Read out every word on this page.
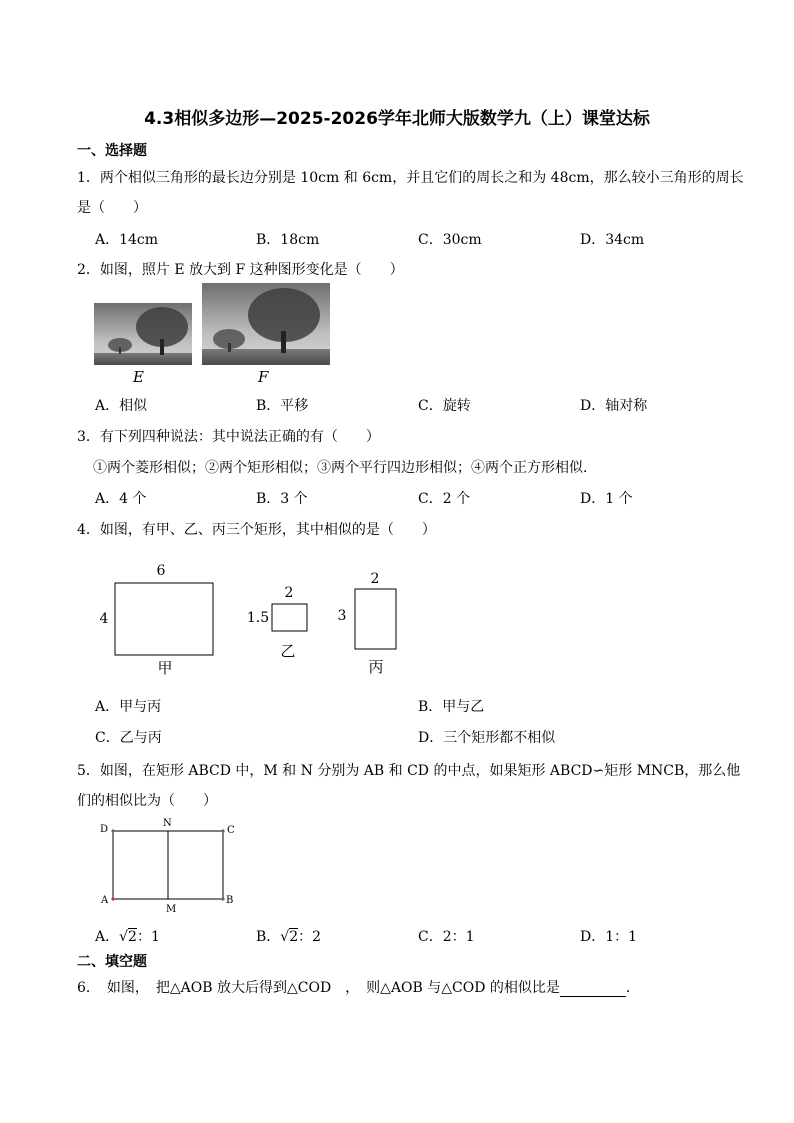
4.3相似多边形—2025-2026学年北师大版数学九（上）课堂达标
一、选择题
1．两个相似三角形的最长边分别是 10cm 和 6cm，并且它们的周长之和为 48cm，那么较小三角形的周长
是（　　）
A．14cm	B．18cm	C．30cm	D．34cm
2．如图，照片 E 放大到 F 这种图形变化是（　　）
E	F
A．相似	B．平移	C．旋转	D．轴对称
3．有下列四种说法：其中说法正确的有（　　）
①两个菱形相似；②两个矩形相似；③两个平行四边形相似；④两个正方形相似．
A．4 个	B．3 个	C．2 个	D．1 个
4．如图，有甲、乙、丙三个矩形，其中相似的是（　　）
6
4
甲
2
1.5
乙
2
3
丙
A．甲与丙	B．甲与乙
C．乙与丙	D．三个矩形都不相似
5．如图，在矩形 ABCD 中，M 和 N 分别为 AB 和 CD 的中点，如果矩形 ABCD∽矩形 MNCB，那么他
们的相似比为（　　）
D
N
C
A
M
B
A．√2：1	B．√2：2	C．2：1	D．1：1
二、填空题
6．　如图，　把△AOB 放大后得到△COD　，　则△AOB 与△COD 的相似比是	.
